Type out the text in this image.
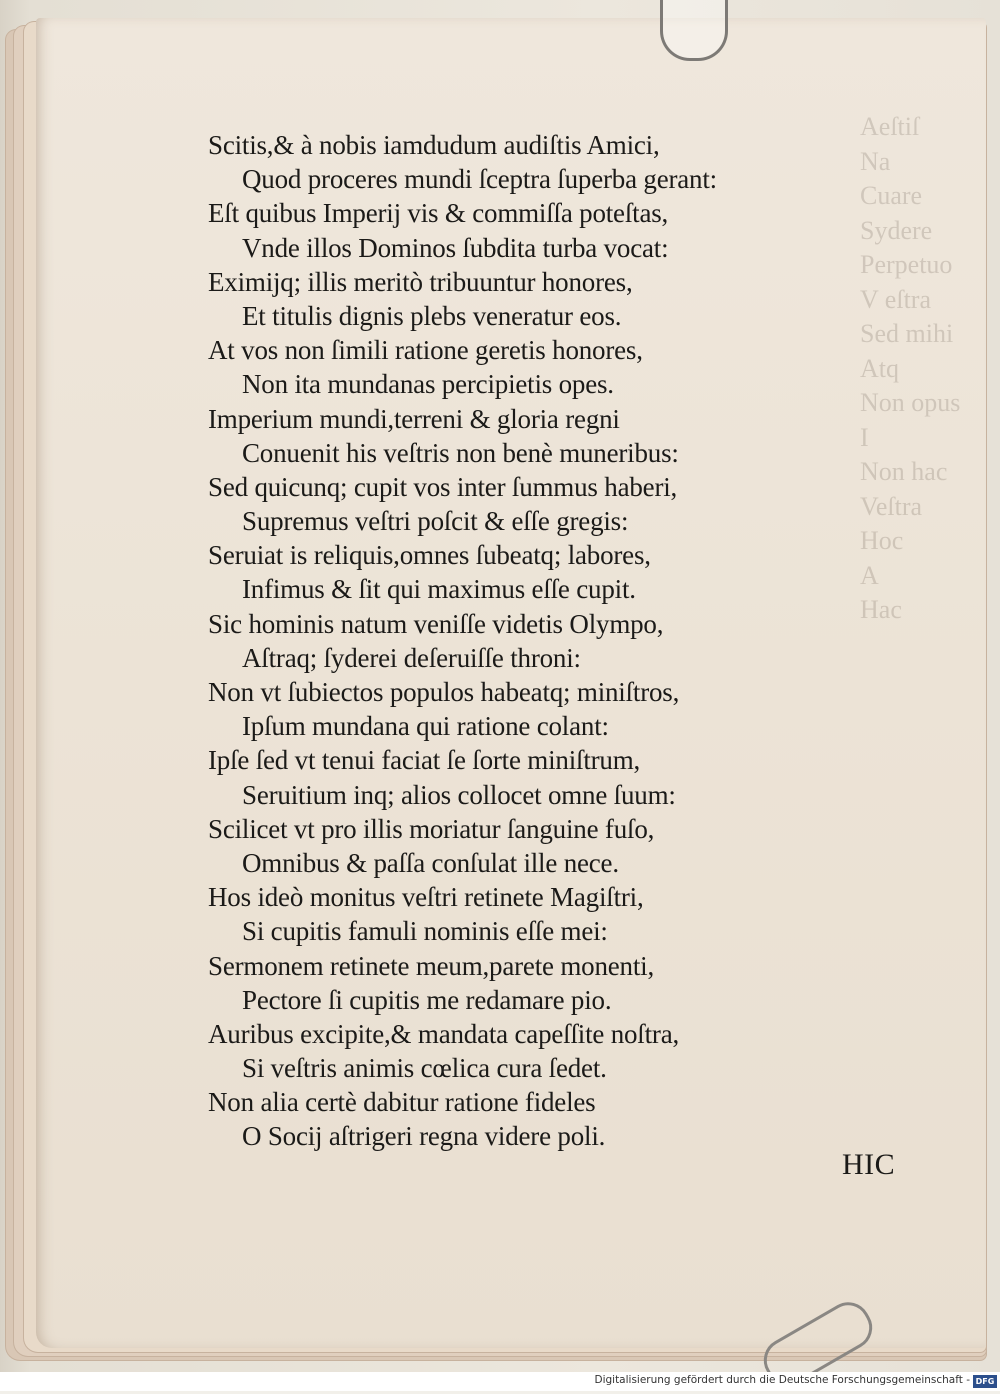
Aeſtiſ
Na
Cuare
Sydere
Perpetuo
V eſtra
Sed mihi
Atq
Non opus
I
Non hac
Veſtra
Hoc
A
Hac
Scitis,& à nobis iamdudum audiſtis Amici,
Quod proceres mundi ſceptra ſuperba gerant:
Eſt quibus Imperij vis & commiſſa poteſtas,
Vnde illos Dominos ſubdita turba vocat:
Eximijq; illis meritò tribuuntur honores,
Et titulis dignis plebs veneratur eos.
At vos non ſimili ratione geretis honores,
Non ita mundanas percipietis opes.
Imperium mundi,terreni & gloria regni
Conuenit his veſtris non benè muneribus:
Sed quicunq; cupit vos inter ſummus haberi,
Supremus veſtri poſcit & eſſe gregis:
Seruiat is reliquis,omnes ſubeatq; labores,
Infimus & ſit qui maximus eſſe cupit.
Sic hominis natum veniſſe videtis Olympo,
Aſtraq; ſyderei deſeruiſſe throni:
Non vt ſubiectos populos habeatq; miniſtros,
Ipſum mundana qui ratione colant:
Ipſe ſed vt tenui faciat ſe ſorte miniſtrum,
Seruitium inq; alios collocet omne ſuum:
Scilicet vt pro illis moriatur ſanguine fuſo,
Omnibus & paſſa conſulat ille nece.
Hos ideò monitus veſtri retinete Magiſtri,
Si cupitis famuli nominis eſſe mei:
Sermonem retinete meum,parete monenti,
Pectore ſi cupitis me redamare pio.
Auribus excipite,& mandata capeſſite noſtra,
Si veſtris animis cœlica cura ſedet.
Non alia certè dabitur ratione fideles
O Socij aſtrigeri regna videre poli.
HIC
Digitalisierung gefördert durch die Deutsche Forschungsgemeinschaft - DFG
